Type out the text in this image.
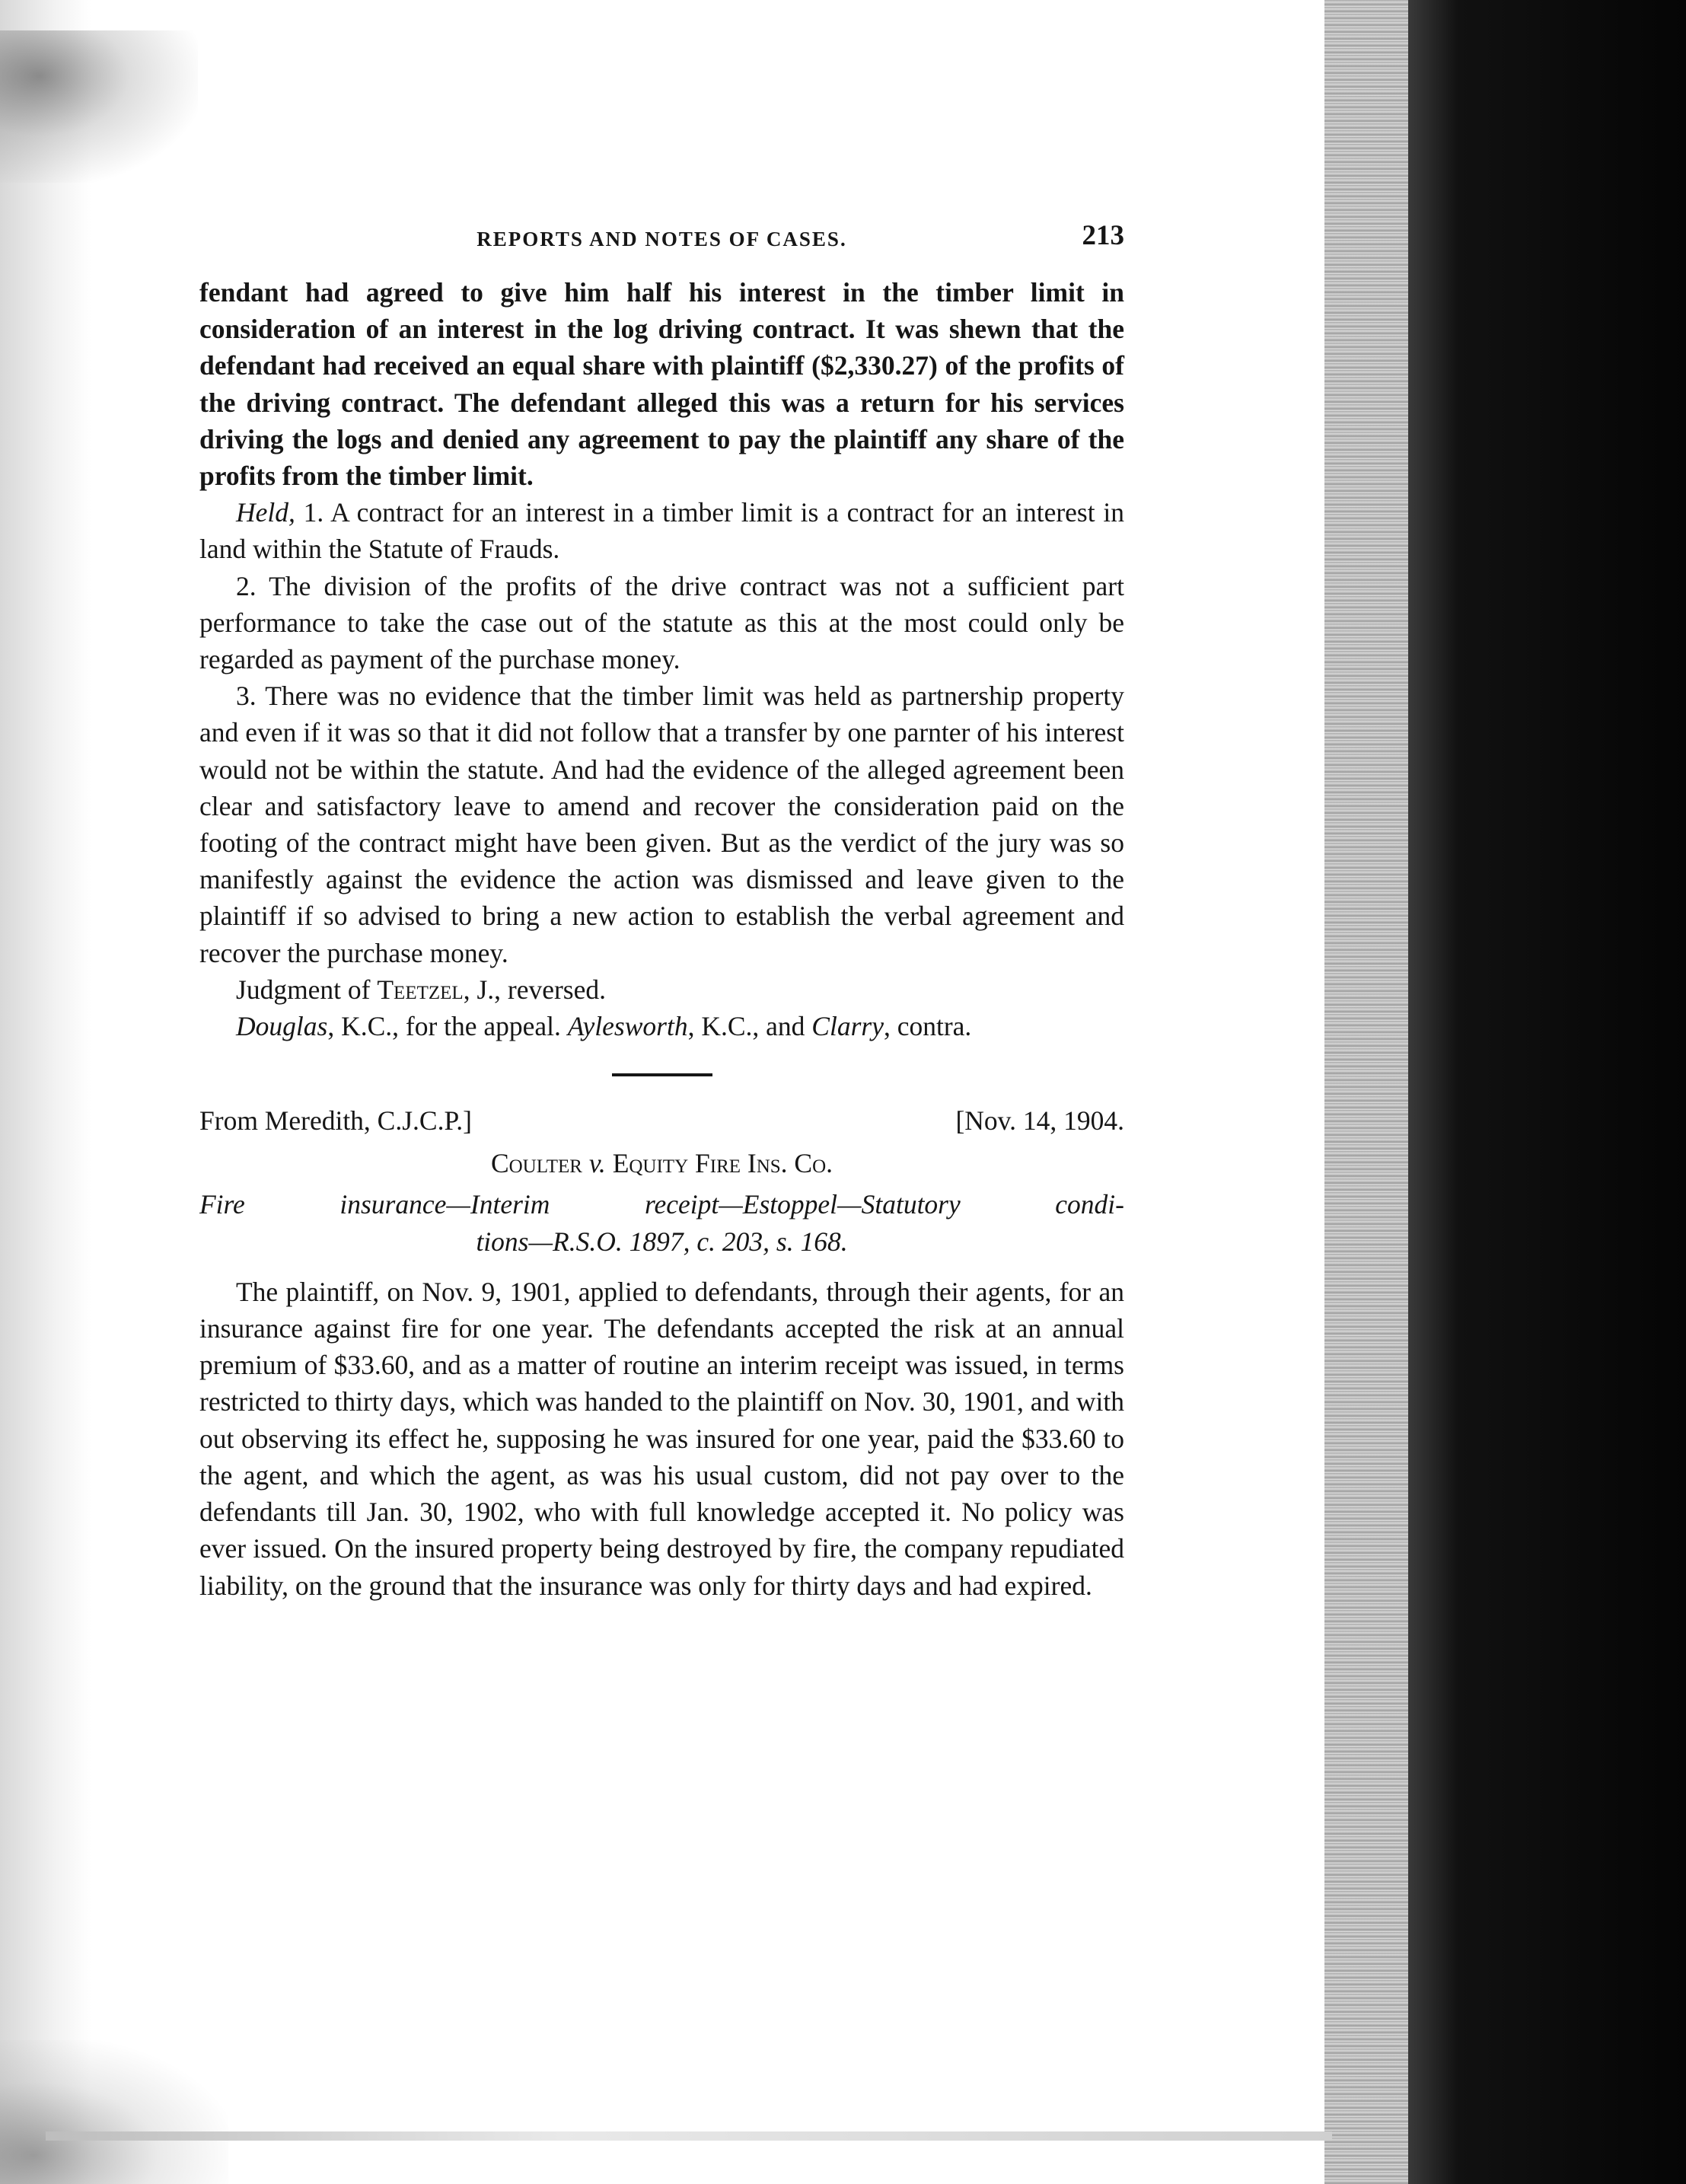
REPORTS AND NOTES OF CASES.	213

fendant had agreed to give him half his interest in the timber limit in consideration of an interest in the log driving contract. It was shewn that the defendant had received an equal share with plaintiff ($2,330.27) of the profits of the driving contract. The defendant alleged this was a return for his services driving the logs and denied any agreement to pay the plaintiff any share of the profits from the timber limit.

Held, 1. A contract for an interest in a timber limit is a contract for an interest in land within the Statute of Frauds.

2. The division of the profits of the drive contract was not a sufficient part performance to take the case out of the statute as this at the most could only be regarded as payment of the purchase money.

3. There was no evidence that the timber limit was held as partnership property and even if it was so that it did not follow that a transfer by one parnter of his interest would not be within the statute. And had the evidence of the alleged agreement been clear and satisfactory leave to amend and recover the consideration paid on the footing of the contract might have been given. But as the verdict of the jury was so manifestly against the evidence the action was dismissed and leave given to the plaintiff if so advised to bring a new action to establish the verbal agreement and recover the purchase money.

Judgment of Teetzel, J., reversed.

Douglas, K.C., for the appeal. Aylesworth, K.C., and Clarry, contra.

From Meredith, C.J.C.P.]	[Nov. 14, 1904.
Coulter v. Equity Fire Ins. Co.
Fire insurance—Interim receipt—Estoppel—Statutory condi-
tions—R.S.O. 1897, c. 203, s. 168.

The plaintiff, on Nov. 9, 1901, applied to defendants, through their agents, for an insurance against fire for one year. The defendants accepted the risk at an annual premium of $33.60, and as a matter of routine an interim receipt was issued, in terms restricted to thirty days, which was handed to the plaintiff on Nov. 30, 1901, and with out observing its effect he, supposing he was insured for one year, paid the $33.60 to the agent, and which the agent, as was his usual custom, did not pay over to the defendants till Jan. 30, 1902, who with full knowledge accepted it. No policy was ever issued. On the insured property being destroyed by fire, the company repudiated liability, on the ground that the insurance was only for thirty days and had expired.
